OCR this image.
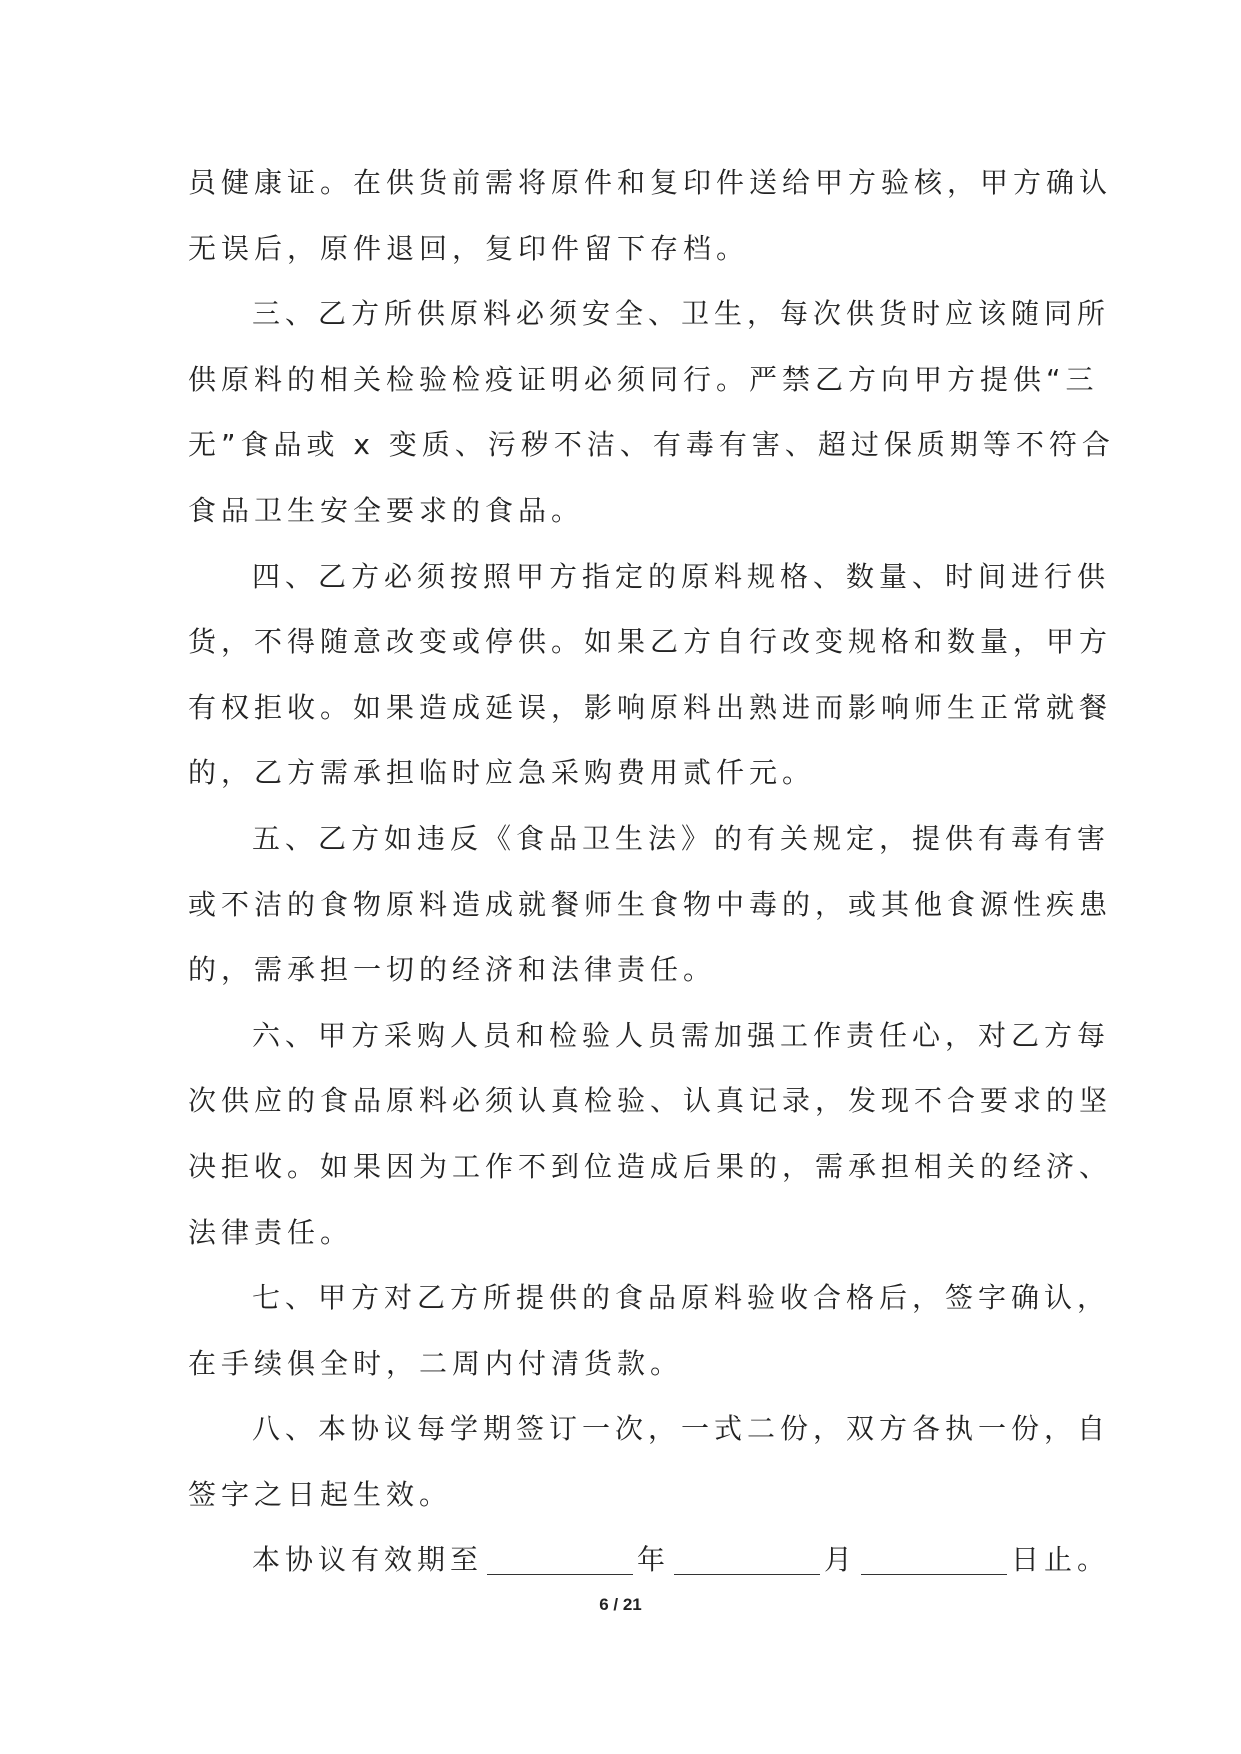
员健康证。在供货前需将原件和复印件送给甲方验核，甲方确认
无误后，原件退回，复印件留下存档。
三、乙方所供原料必须安全、卫生，每次供货时应该随同所
供原料的相关检验检疫证明必须同行。严禁乙方向甲方提供“三
无”食品或 x 变质、污秽不洁、有毒有害、超过保质期等不符合
食品卫生安全要求的食品。
四、乙方必须按照甲方指定的原料规格、数量、时间进行供
货，不得随意改变或停供。如果乙方自行改变规格和数量，甲方
有权拒收。如果造成延误，影响原料出熟进而影响师生正常就餐
的，乙方需承担临时应急采购费用贰仟元。
五、乙方如违反《食品卫生法》的有关规定，提供有毒有害
或不洁的食物原料造成就餐师生食物中毒的，或其他食源性疾患
的，需承担一切的经济和法律责任。
六、甲方采购人员和检验人员需加强工作责任心，对乙方每
次供应的食品原料必须认真检验、认真记录，发现不合要求的坚
决拒收。如果因为工作不到位造成后果的，需承担相关的经济、
法律责任。
七、甲方对乙方所提供的食品原料验收合格后，签字确认，
在手续俱全时，二周内付清货款。
八、本协议每学期签订一次，一式二份，双方各执一份，自
签字之日起生效。
本协议有效期至	年	月	日止。
6 / 21
